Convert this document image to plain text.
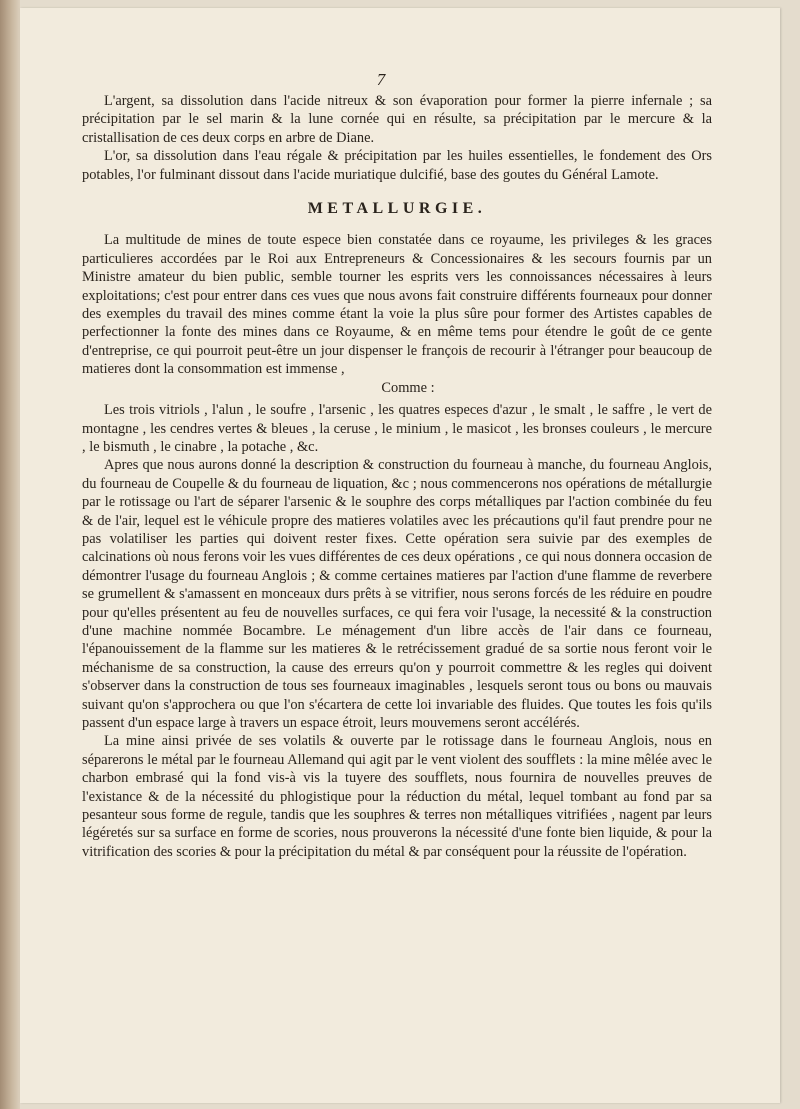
7

L'argent, sa dissolution dans l'acide nitreux & son évaporation pour former la pierre infernale ; sa précipitation par le sel marin & la lune cornée qui en résulte, sa précipitation par le mercure & la cristallisation de ces deux corps en arbre de Diane.

L'or, sa dissolution dans l'eau régale & précipitation par les huiles essentielles, le fondement des Ors potables, l'or fulminant dissout dans l'acide muriatique dulcifié, base des goutes du Général Lamote.

METALLURGIE.

La multitude de mines de toute espece bien constatée dans ce royaume, les privileges & les graces particulieres accordées par le Roi aux Entrepreneurs & Concessionaires & les secours fournis par un Ministre amateur du bien public, semble tourner les esprits vers les connoissances nécessaires à leurs exploitations; c'est pour entrer dans ces vues que nous avons fait construire différents fourneaux pour donner des exemples du travail des mines comme étant la voie la plus sûre pour former des Artistes capables de perfectionner la fonte des mines dans ce Royaume, & en même tems pour étendre le goût de ce gente d'entreprise, ce qui pourroit peut-être un jour dispenser le françois de recourir à l'étranger pour beaucoup de matieres dont la consommation est immense ,

Comme :

Les trois vitriols , l'alun , le soufre , l'arsenic , les quatres especes d'azur , le smalt , le saffre , le vert de montagne , les cendres vertes & bleues , la ceruse , le minium , le masicot , les bronses couleurs , le mercure , le bismuth , le cinabre , la potache , &c.

Apres que nous aurons donné la description & construction du fourneau à manche, du fourneau Anglois, du fourneau de Coupelle & du fourneau de liquation, &c ; nous commencerons nos opérations de métallurgie par le rotissage ou l'art de séparer l'arsenic & le souphre des corps métalliques par l'action combinée du feu & de l'air, lequel est le véhicule propre des matieres volatiles avec les précautions qu'il faut prendre pour ne pas volatiliser les parties qui doivent rester fixes. Cette opération sera suivie par des exemples de calcinations où nous ferons voir les vues différentes de ces deux opérations , ce qui nous donnera occasion de démontrer l'usage du fourneau Anglois ; & comme certaines matieres par l'action d'une flamme de reverbere se grumellent & s'amassent en monceaux durs prêts à se vitrifier, nous serons forcés de les réduire en poudre pour qu'elles présentent au feu de nouvelles surfaces, ce qui fera voir l'usage, la necessité & la construction d'une machine nommée Bocambre. Le ménagement d'un libre accès de l'air dans ce fourneau, l'épanouissement de la flamme sur les matieres & le retrécissement gradué de sa sortie nous feront voir le méchanisme de sa construction, la cause des erreurs qu'on y pourroit commettre & les regles qui doivent s'observer dans la construction de tous ses fourneaux imaginables , lesquels seront tous ou bons ou mauvais suivant qu'on s'approchera ou que l'on s'écartera de cette loi invariable des fluides. Que toutes les fois qu'ils passent d'un espace large à travers un espace étroit, leurs mouvemens seront accélérés.

La mine ainsi privée de ses volatils & ouverte par le rotissage dans le fourneau Anglois, nous en séparerons le métal par le fourneau Allemand qui agit par le vent violent des soufflets : la mine mêlée avec le charbon embrasé qui la fond vis-à vis la tuyere des soufflets, nous fournira de nouvelles preuves de l'existance & de la nécessité du phlogistique pour la réduction du métal, lequel tombant au fond par sa pesanteur sous forme de regule, tandis que les souphres & terres non métalliques vitrifiées , nagent par leurs légéretés sur sa surface en forme de scories, nous prouverons la nécessité d'une fonte bien liquide, & pour la vitrification des scories & pour la précipitation du métal & par conséquent pour la réussite de l'opération.
